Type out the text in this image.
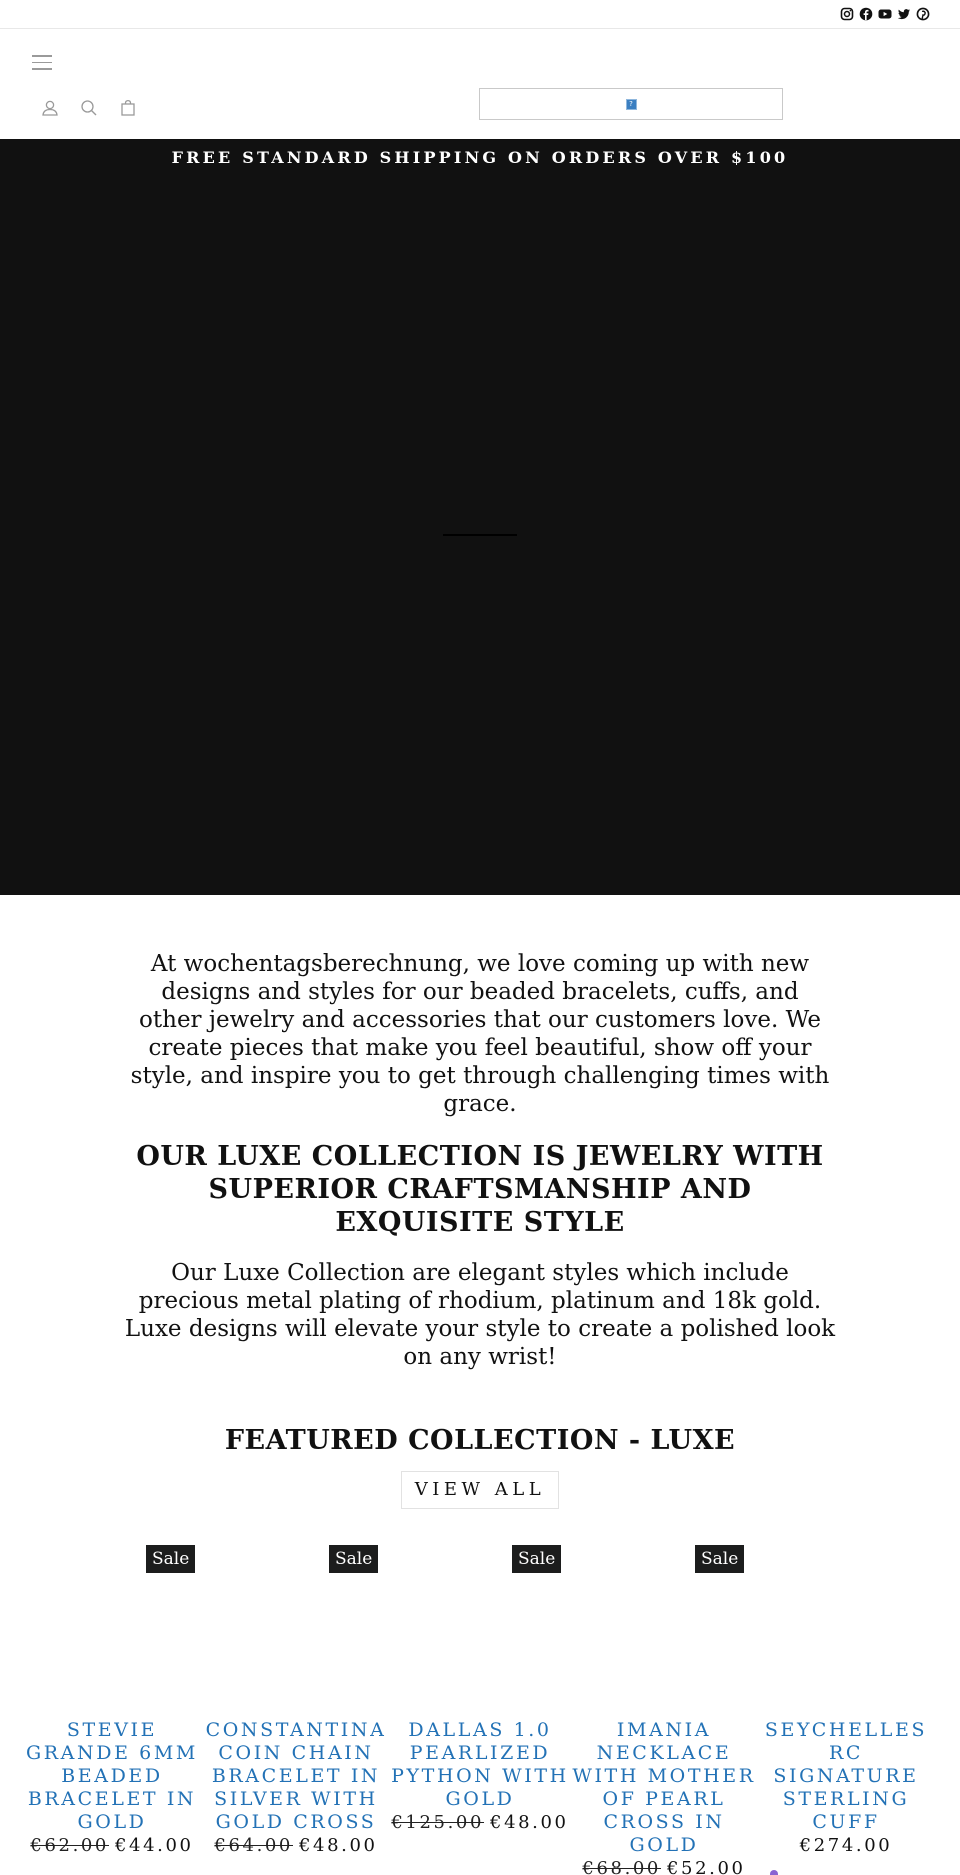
?
FREE STANDARD SHIPPING ON ORDERS OVER $100

At wochentagsberechnung, we love coming up with new designs and styles for our beaded bracelets, cuffs, and other jewelry and accessories that our customers love. We create pieces that make you feel beautiful, show off your style, and inspire you to get through challenging times with grace.

OUR LUXE COLLECTION IS JEWELRY WITH SUPERIOR CRAFTSMANSHIP AND EXQUISITE STYLE

Our Luxe Collection are elegant styles which include precious metal plating of rhodium, platinum and 18k gold. Luxe designs will elevate your style to create a polished look on any wrist!

FEATURED COLLECTION - LUXE
VIEW ALL
Sale
STEVIE GRANDE 6MM BEADED BRACELET IN GOLD
€62.00 €44.00
Sale
CONSTANTINA COIN CHAIN BRACELET IN SILVER WITH GOLD CROSS
€64.00 €48.00
Sale
DALLAS 1.0 PEARLIZED PYTHON WITH GOLD
€125.00 €48.00
Sale
IMANIA NECKLACE WITH MOTHER OF PEARL CROSS IN GOLD
€68.00 €52.00
SEYCHELLES RC SIGNATURE STERLING CUFF
€274.00
